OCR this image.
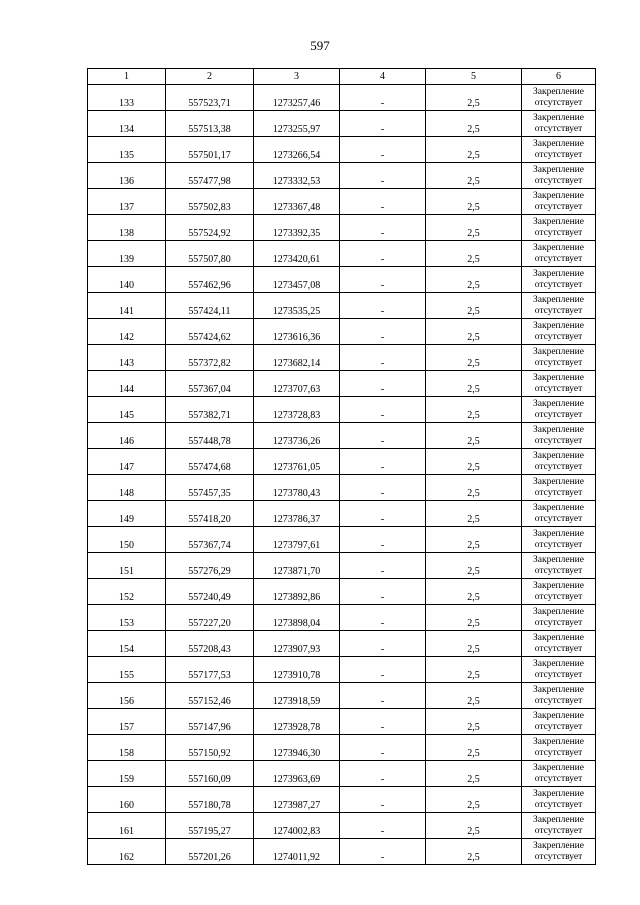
597
1	2	3	4	5	6
133	557523,71	1273257,46	-	2,5	Закрепление
отсутствует

134	557513,38	1273255,97	-	2,5	Закрепление
отсутствует

135	557501,17	1273266,54	-	2,5	Закрепление
отсутствует

136	557477,98	1273332,53	-	2,5	Закрепление
отсутствует

137	557502,83	1273367,48	-	2,5	Закрепление
отсутствует

138	557524,92	1273392,35	-	2,5	Закрепление
отсутствует

139	557507,80	1273420,61	-	2,5	Закрепление
отсутствует

140	557462,96	1273457,08	-	2,5	Закрепление
отсутствует

141	557424,11	1273535,25	-	2,5	Закрепление
отсутствует

142	557424,62	1273616,36	-	2,5	Закрепление
отсутствует

143	557372,82	1273682,14	-	2,5	Закрепление
отсутствует

144	557367,04	1273707,63	-	2,5	Закрепление
отсутствует

145	557382,71	1273728,83	-	2,5	Закрепление
отсутствует

146	557448,78	1273736,26	-	2,5	Закрепление
отсутствует

147	557474,68	1273761,05	-	2,5	Закрепление
отсутствует

148	557457,35	1273780,43	-	2,5	Закрепление
отсутствует

149	557418,20	1273786,37	-	2,5	Закрепление
отсутствует

150	557367,74	1273797,61	-	2,5	Закрепление
отсутствует

151	557276,29	1273871,70	-	2,5	Закрепление
отсутствует

152	557240,49	1273892,86	-	2,5	Закрепление
отсутствует

153	557227,20	1273898,04	-	2,5	Закрепление
отсутствует

154	557208,43	1273907,93	-	2,5	Закрепление
отсутствует

155	557177,53	1273910,78	-	2,5	Закрепление
отсутствует

156	557152,46	1273918,59	-	2,5	Закрепление
отсутствует

157	557147,96	1273928,78	-	2,5	Закрепление
отсутствует

158	557150,92	1273946,30	-	2,5	Закрепление
отсутствует

159	557160,09	1273963,69	-	2,5	Закрепление
отсутствует

160	557180,78	1273987,27	-	2,5	Закрепление
отсутствует

161	557195,27	1274002,83	-	2,5	Закрепление
отсутствует

162	557201,26	1274011,92	-	2,5	Закрепление
отсутствует
